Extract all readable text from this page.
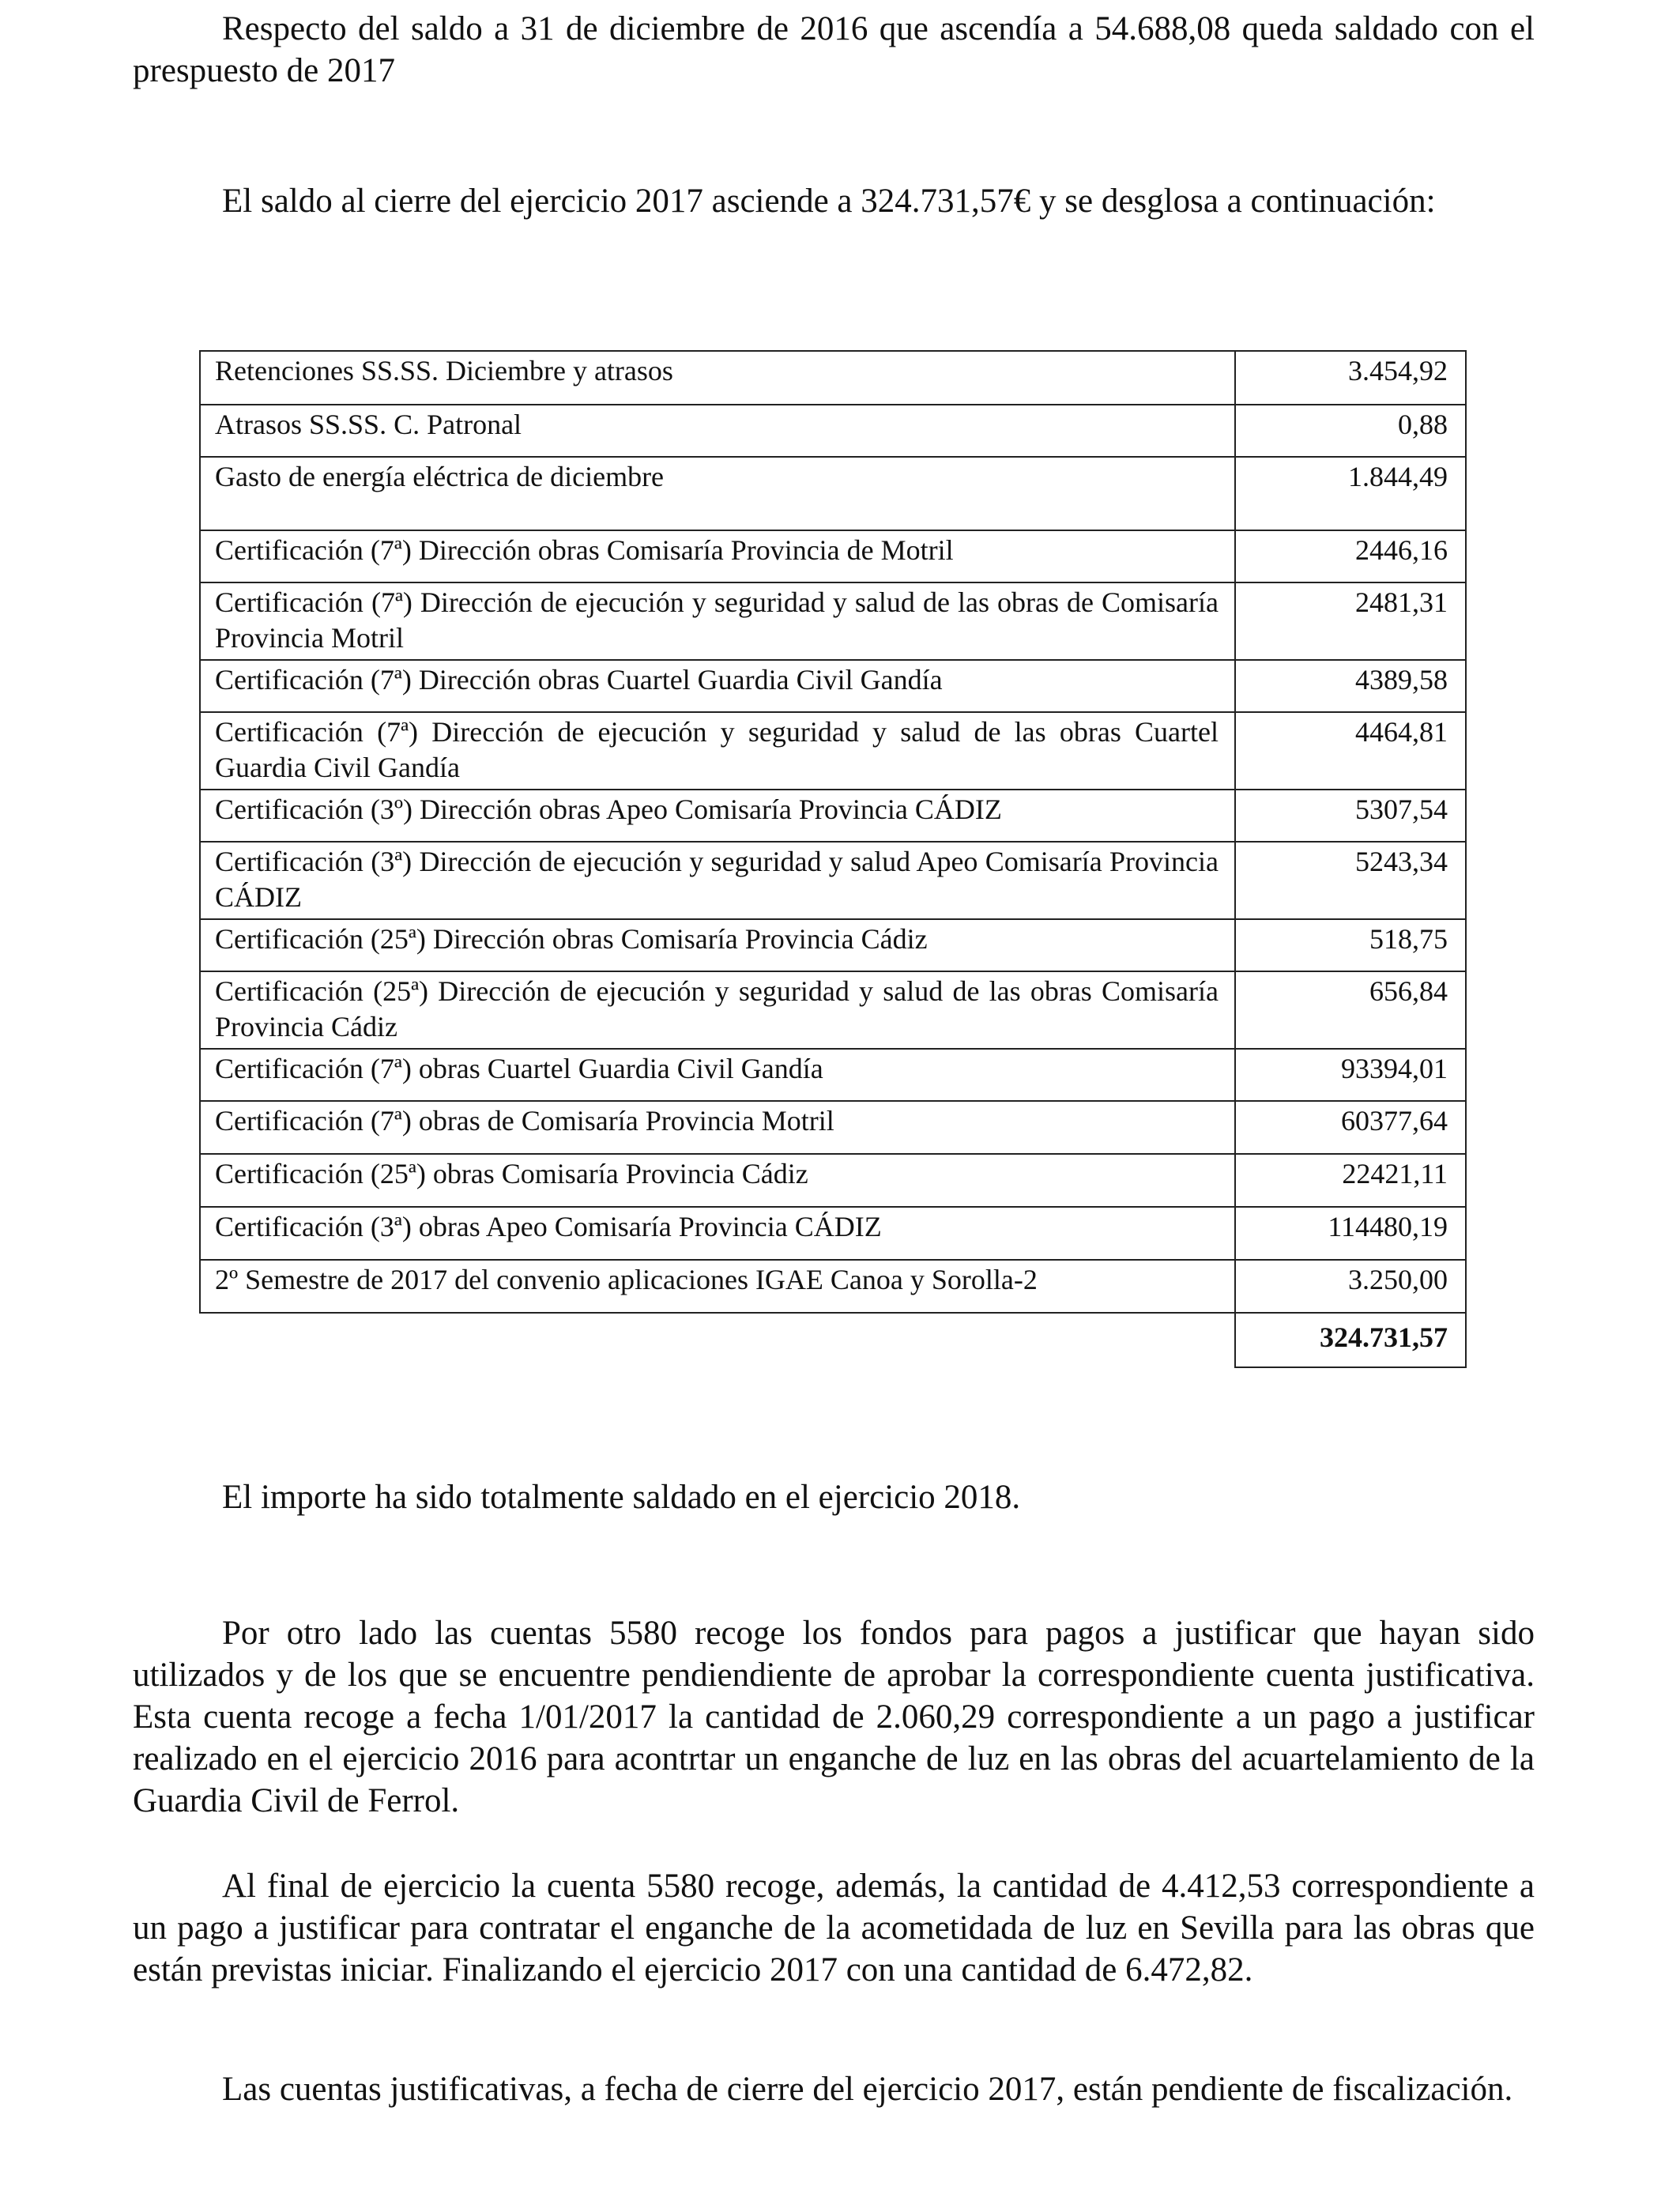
Respecto del saldo a 31 de diciembre de 2016 que ascendía a 54.688,08 queda saldado con el prespuesto de 2017

El saldo al cierre del ejercicio 2017 asciende a 324.731,57€ y se desglosa a continuación:

Retenciones SS.SS. Diciembre y atrasos	3.454,92
Atrasos SS.SS. C. Patronal	0,88
Gasto de energía eléctrica de diciembre	1.844,49
Certificación (7ª) Dirección obras Comisaría Provincia de Motril	2446,16
Certificación (7ª) Dirección de ejecución y seguridad y salud de las obras de Comisaría Provincia Motril	2481,31
Certificación (7ª) Dirección obras Cuartel Guardia Civil Gandía	4389,58
Certificación (7ª) Dirección de ejecución y seguridad y salud de las obras Cuartel Guardia Civil Gandía	4464,81
Certificación (3º) Dirección obras Apeo Comisaría Provincia CÁDIZ	5307,54
Certificación (3ª) Dirección de ejecución y seguridad y salud Apeo Comisaría Provincia CÁDIZ	5243,34
Certificación (25ª) Dirección obras Comisaría Provincia Cádiz	518,75
Certificación (25ª) Dirección de ejecución y seguridad y salud de las obras Comisaría Provincia Cádiz	656,84
Certificación (7ª) obras Cuartel Guardia Civil Gandía	93394,01
Certificación (7ª) obras de Comisaría Provincia Motril	60377,64
Certificación (25ª) obras Comisaría Provincia Cádiz	22421,11
Certificación (3ª) obras Apeo Comisaría Provincia CÁDIZ	114480,19
2º Semestre de 2017 del convenio aplicaciones IGAE Canoa y Sorolla-2	3.250,00
	324.731,57

El importe ha sido totalmente saldado en el ejercicio 2018.

Por otro lado las cuentas 5580 recoge los fondos para pagos a justificar que hayan sido utilizados y de los que se encuentre pendiendiente de aprobar la correspondiente cuenta justificativa. Esta cuenta recoge a fecha 1/01/2017 la cantidad de 2.060,29 correspondiente a un pago a justificar realizado en el ejercicio 2016 para acontrtar un enganche de luz en las obras del acuartelamiento de la Guardia Civil de Ferrol.

Al final de ejercicio la cuenta 5580 recoge, además, la cantidad de 4.412,53 correspondiente a un pago a justificar para contratar el enganche de la acometidada de luz en Sevilla para las obras que están previstas iniciar. Finalizando el ejercicio 2017 con una cantidad de 6.472,82.

Las cuentas justificativas, a fecha de cierre del ejercicio 2017, están pendiente de fiscalización.
